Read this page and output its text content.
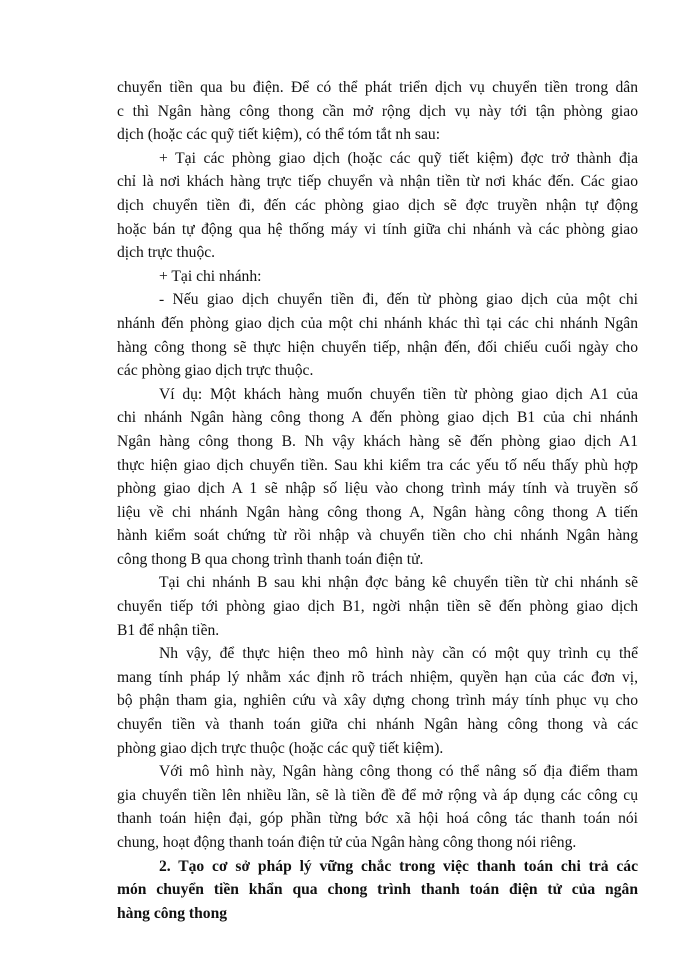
chuyển tiền qua bu điện. Để có thể phát triển dịch vụ chuyển tiền trong dân
c thì Ngân hàng công thong cần mở rộng dịch vụ này tới tận phòng giao
dịch (hoặc các quỹ tiết kiệm), có thể tóm tắt nh sau:
+ Tại các phòng giao dịch (hoặc các quỹ tiết kiệm) đợc trở thành địa
chỉ là nơi khách hàng trực tiếp chuyển và nhận tiền từ nơi khác đến. Các giao
dịch chuyển tiền đi, đến các phòng giao dịch sẽ đợc truyền nhận tự động
hoặc bán tự động qua hệ thống máy vi tính giữa chi nhánh và các phòng giao
dịch trực thuộc.
+ Tại chi nhánh:
- Nếu giao dịch chuyển tiền đi, đến từ phòng giao dịch của một chi
nhánh đến phòng giao dịch của một chi nhánh khác thì tại các chi nhánh Ngân
hàng công thong sẽ thực hiện chuyển tiếp, nhận đến, đối chiếu cuối ngày cho
các phòng giao dịch trực thuộc.
Ví dụ: Một khách hàng muốn chuyển tiền từ phòng giao dịch A1 của
chi nhánh Ngân hàng công thong A đến phòng giao dịch B1 của chi nhánh
Ngân hàng công thong B. Nh vậy khách hàng sẽ đến phòng giao dịch A1
thực hiện giao dịch chuyển tiền. Sau khi kiểm tra các yếu tố nếu thấy phù hợp
phòng giao dịch A 1 sẽ nhập số liệu vào chong trình máy tính và truyền số
liệu về chi nhánh Ngân hàng công thong A, Ngân hàng công thong A tiến
hành kiểm soát chứng từ rồi nhập và chuyển tiền cho chi nhánh Ngân hàng
công thong B qua chong trình thanh toán điện tử.
Tại chi nhánh B sau khi nhận đợc bảng kê chuyển tiền từ chi nhánh sẽ
chuyển tiếp tới phòng giao dịch B1, ngời nhận tiền sẽ đến phòng giao dịch
B1 để nhận tiền.
Nh vậy, để thực hiện theo mô hình này cần có một quy trình cụ thể
mang tính pháp lý nhằm xác định rõ trách nhiệm, quyền hạn của các đơn vị,
bộ phận tham gia, nghiên cứu và xây dựng chong trình máy tính phục vụ cho
chuyển tiền và thanh toán giữa chi nhánh Ngân hàng công thong và các
phòng giao dịch trực thuộc (hoặc các quỹ tiết kiệm).
Với mô hình này, Ngân hàng công thong có thể nâng số địa điểm tham
gia chuyển tiền lên nhiều lần, sẽ là tiền đề để mở rộng và áp dụng các công cụ
thanh toán hiện đại, góp phần từng bớc xã hội hoá công tác thanh toán nói
chung, hoạt động thanh toán điện tử của Ngân hàng công thong nói riêng.
2. Tạo cơ sở pháp lý vững chắc trong việc thanh toán chi trả các
món chuyển tiền khẩn qua chong trình thanh toán điện tử của ngân
hàng công thong
